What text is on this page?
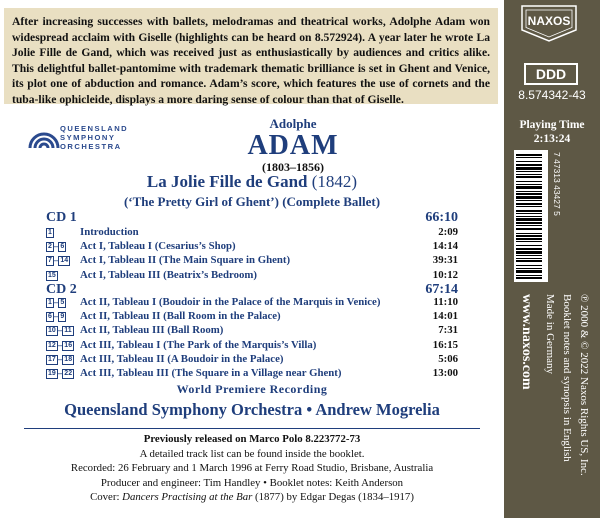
After increasing successes with ballets, melodramas and theatrical works, Adolphe Adam won widespread acclaim with Giselle (highlights can be heard on 8.572924). A year later he wrote La Jolie Fille de Gand, which was received just as enthusiastically by audiences and critics alike. This delightful ballet-pantomime with trademark thematic brilliance is set in Ghent and Venice, its plot one of abduction and romance. Adam’s score, which features the use of cornets and the tuba-like ophicleide, displays a more daring sense of colour than that of Giselle.

QUEENSLAND
SYMPHONY
ORCHESTRA
Adolphe
ADAM
(1803–1856)
La Jolie Fille de Gand (1842)
(‘The Pretty Girl of Ghent’) (Complete Ballet)
CD 1	66:10
1	Introduction	2:09
2 – 6	Act I, Tableau I (Cesarius’s Shop)	14:14
7 – 14	Act I, Tableau II (The Main Square in Ghent)	39:31
15	Act I, Tableau III (Beatrix’s Bedroom)	10:12
CD 2	67:14
1 – 5	Act II, Tableau I (Boudoir in the Palace of the Marquis in Venice)	11:10
6 – 9	Act II, Tableau II (Ball Room in the Palace)	14:01
10 – 11 Act II, Tableau III (Ball Room)	7:31
12 – 16 Act III, Tableau I (The Park of the Marquis’s Villa)	16:15
17 – 18 Act III, Tableau II (A Boudoir in the Palace)	5:06
19 – 22 Act III, Tableau III (The Square in a Village near Ghent)	13:00
World Premiere Recording
Queensland Symphony Orchestra • Andrew Mogrelia
Previously released on Marco Polo 8.223772-73
A detailed track list can be found inside the booklet.
Recorded: 26 February and 1 March 1996 at Ferry Road Studio, Brisbane, Australia
Producer and engineer: Tim Handley • Booklet notes: Keith Anderson
Cover: Dancers Practising at the Bar (1877) by Edgar Degas (1834–1917)
NAXOS
DDD
8.574342-43
Playing Time
2:13:24
7 47313 43427 5
℗ 2000 & © 2022 Naxos Rights US, Inc.
Booklet notes and synopsis in English
Made in Germany
www.naxos.com
